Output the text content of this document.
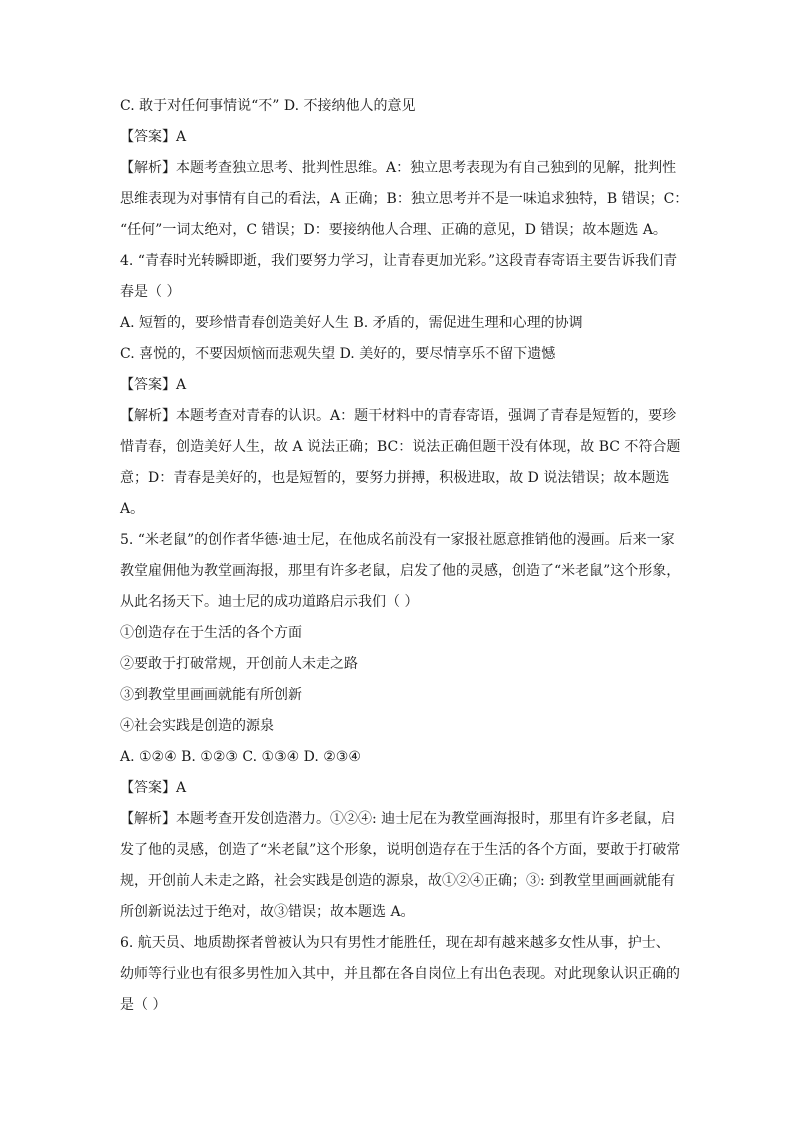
C. 敢于对任何事情说“不” D. 不接纳他人的意见
【答案】A
【解析】本题考查独立思考、批判性思维。A：独立思考表现为有自己独到的见解，批判性
思维表现为对事情有自己的看法，A 正确；B：独立思考并不是一味追求独特，B 错误；C：
“任何”一词太绝对，C 错误；D：要接纳他人合理、正确的意见，D 错误；故本题选 A。
4. “青春时光转瞬即逝，我们要努力学习，让青春更加光彩。”这段青春寄语主要告诉我们青
春是（ ）
A. 短暂的，要珍惜青春创造美好人生 B. 矛盾的，需促进生理和心理的协调
C. 喜悦的，不要因烦恼而悲观失望 D. 美好的，要尽情享乐不留下遗憾
【答案】A
【解析】本题考查对青春的认识。A：题干材料中的青春寄语，强调了青春是短暂的，要珍
惜青春，创造美好人生，故 A 说法正确；BC：说法正确但题干没有体现，故 BC 不符合题
意；D：青春是美好的，也是短暂的，要努力拼搏，积极进取，故 D 说法错误；故本题选
A。
5. “米老鼠”的创作者华德·迪士尼，在他成名前没有一家报社愿意推销他的漫画。后来一家
教堂雇佣他为教堂画海报，那里有许多老鼠，启发了他的灵感，创造了“米老鼠”这个形象，
从此名扬天下。迪士尼的成功道路启示我们（ ）
①创造存在于生活的各个方面
②要敢于打破常规，开创前人未走之路
③到教堂里画画就能有所创新
④社会实践是创造的源泉
A. ①②④ B. ①②③ C. ①③④ D. ②③④
【答案】A
【解析】本题考查开发创造潜力。①②④: 迪士尼在为教堂画海报时，那里有许多老鼠，启
发了他的灵感，创造了“米老鼠”这个形象，说明创造存在于生活的各个方面，要敢于打破常
规，开创前人未走之路，社会实践是创造的源泉，故①②④正确；③: 到教堂里画画就能有
所创新说法过于绝对，故③错误；故本题选 A。
6. 航天员、地质勘探者曾被认为只有男性才能胜任，现在却有越来越多女性从事，护士、
幼师等行业也有很多男性加入其中，并且都在各自岗位上有出色表现。对此现象认识正确的
是（ ）
